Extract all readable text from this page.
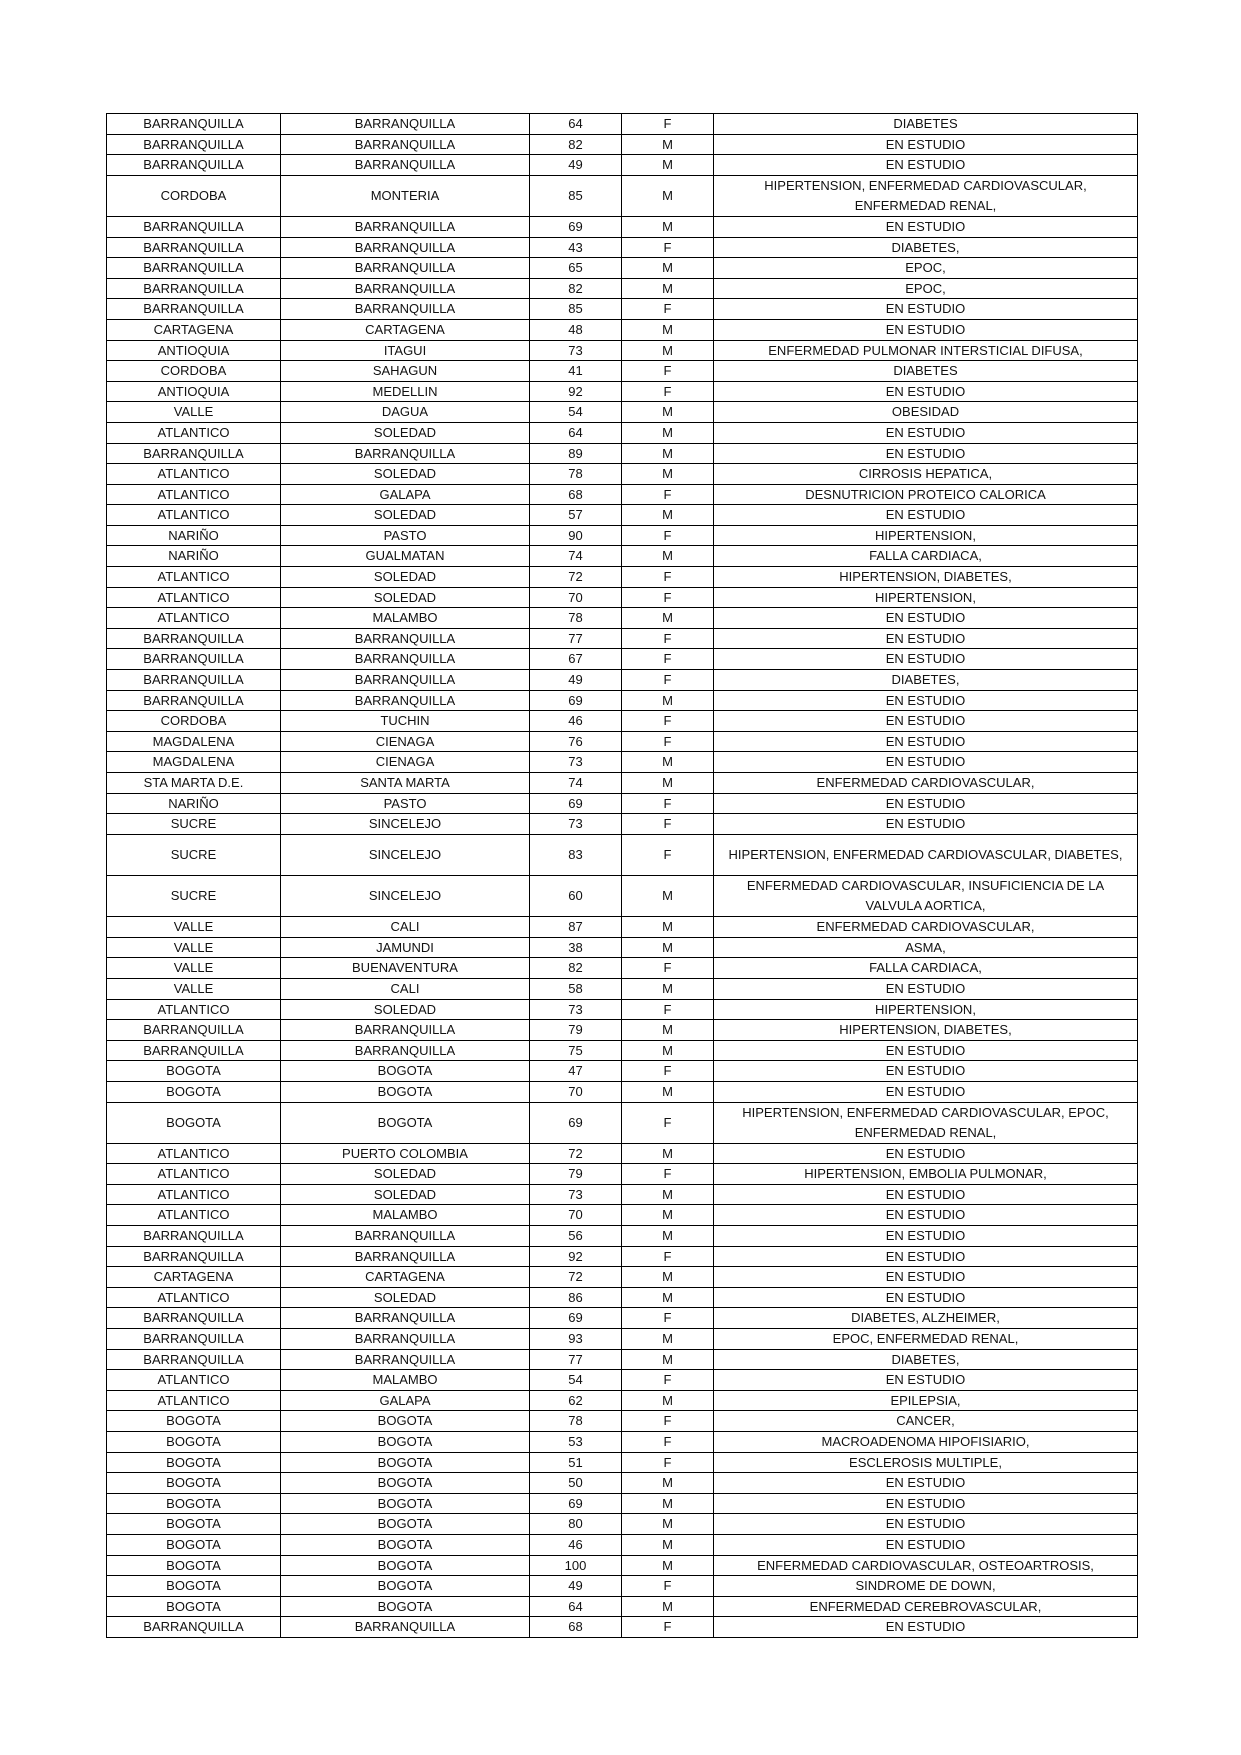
BARRANQUILLA	BARRANQUILLA	64	F	DIABETES
BARRANQUILLA	BARRANQUILLA	82	M	EN ESTUDIO
BARRANQUILLA	BARRANQUILLA	49	M	EN ESTUDIO
CORDOBA	MONTERIA	85	M	HIPERTENSION, ENFERMEDAD CARDIOVASCULAR, ENFERMEDAD RENAL,
BARRANQUILLA	BARRANQUILLA	69	M	EN ESTUDIO
BARRANQUILLA	BARRANQUILLA	43	F	DIABETES,
BARRANQUILLA	BARRANQUILLA	65	M	EPOC,
BARRANQUILLA	BARRANQUILLA	82	M	EPOC,
BARRANQUILLA	BARRANQUILLA	85	F	EN ESTUDIO
CARTAGENA	CARTAGENA	48	M	EN ESTUDIO
ANTIOQUIA	ITAGUI	73	M	ENFERMEDAD PULMONAR INTERSTICIAL DIFUSA,
CORDOBA	SAHAGUN	41	F	DIABETES
ANTIOQUIA	MEDELLIN	92	F	EN ESTUDIO
VALLE	DAGUA	54	M	OBESIDAD
ATLANTICO	SOLEDAD	64	M	EN ESTUDIO
BARRANQUILLA	BARRANQUILLA	89	M	EN ESTUDIO
ATLANTICO	SOLEDAD	78	M	CIRROSIS HEPATICA,
ATLANTICO	GALAPA	68	F	DESNUTRICION PROTEICO CALORICA
ATLANTICO	SOLEDAD	57	M	EN ESTUDIO
NARIÑO	PASTO	90	F	HIPERTENSION,
NARIÑO	GUALMATAN	74	M	FALLA CARDIACA,
ATLANTICO	SOLEDAD	72	F	HIPERTENSION, DIABETES,
ATLANTICO	SOLEDAD	70	F	HIPERTENSION,
ATLANTICO	MALAMBO	78	M	EN ESTUDIO
BARRANQUILLA	BARRANQUILLA	77	F	EN ESTUDIO
BARRANQUILLA	BARRANQUILLA	67	F	EN ESTUDIO
BARRANQUILLA	BARRANQUILLA	49	F	DIABETES,
BARRANQUILLA	BARRANQUILLA	69	M	EN ESTUDIO
CORDOBA	TUCHIN	46	F	EN ESTUDIO
MAGDALENA	CIENAGA	76	F	EN ESTUDIO
MAGDALENA	CIENAGA	73	M	EN ESTUDIO
STA MARTA D.E.	SANTA MARTA	74	M	ENFERMEDAD CARDIOVASCULAR,
NARIÑO	PASTO	69	F	EN ESTUDIO
SUCRE	SINCELEJO	73	F	EN ESTUDIO
SUCRE	SINCELEJO	83	F	HIPERTENSION, ENFERMEDAD CARDIOVASCULAR, DIABETES,
SUCRE	SINCELEJO	60	M	ENFERMEDAD CARDIOVASCULAR, INSUFICIENCIA DE LA VALVULA AORTICA,
VALLE	CALI	87	M	ENFERMEDAD CARDIOVASCULAR,
VALLE	JAMUNDI	38	M	ASMA,
VALLE	BUENAVENTURA	82	F	FALLA CARDIACA,
VALLE	CALI	58	M	EN ESTUDIO
ATLANTICO	SOLEDAD	73	F	HIPERTENSION,
BARRANQUILLA	BARRANQUILLA	79	M	HIPERTENSION, DIABETES,
BARRANQUILLA	BARRANQUILLA	75	M	EN ESTUDIO
BOGOTA	BOGOTA	47	F	EN ESTUDIO
BOGOTA	BOGOTA	70	M	EN ESTUDIO
BOGOTA	BOGOTA	69	F	HIPERTENSION, ENFERMEDAD CARDIOVASCULAR, EPOC, ENFERMEDAD RENAL,
ATLANTICO	PUERTO COLOMBIA	72	M	EN ESTUDIO
ATLANTICO	SOLEDAD	79	F	HIPERTENSION, EMBOLIA PULMONAR,
ATLANTICO	SOLEDAD	73	M	EN ESTUDIO
ATLANTICO	MALAMBO	70	M	EN ESTUDIO
BARRANQUILLA	BARRANQUILLA	56	M	EN ESTUDIO
BARRANQUILLA	BARRANQUILLA	92	F	EN ESTUDIO
CARTAGENA	CARTAGENA	72	M	EN ESTUDIO
ATLANTICO	SOLEDAD	86	M	EN ESTUDIO
BARRANQUILLA	BARRANQUILLA	69	F	DIABETES, ALZHEIMER,
BARRANQUILLA	BARRANQUILLA	93	M	EPOC, ENFERMEDAD RENAL,
BARRANQUILLA	BARRANQUILLA	77	M	DIABETES,
ATLANTICO	MALAMBO	54	F	EN ESTUDIO
ATLANTICO	GALAPA	62	M	EPILEPSIA,
BOGOTA	BOGOTA	78	F	CANCER,
BOGOTA	BOGOTA	53	F	MACROADENOMA HIPOFISIARIO,
BOGOTA	BOGOTA	51	F	ESCLEROSIS MULTIPLE,
BOGOTA	BOGOTA	50	M	EN ESTUDIO
BOGOTA	BOGOTA	69	M	EN ESTUDIO
BOGOTA	BOGOTA	80	M	EN ESTUDIO
BOGOTA	BOGOTA	46	M	EN ESTUDIO
BOGOTA	BOGOTA	100	M	ENFERMEDAD CARDIOVASCULAR, OSTEOARTROSIS,
BOGOTA	BOGOTA	49	F	SINDROME DE DOWN,
BOGOTA	BOGOTA	64	M	ENFERMEDAD CEREBROVASCULAR,
BARRANQUILLA	BARRANQUILLA	68	F	EN ESTUDIO
